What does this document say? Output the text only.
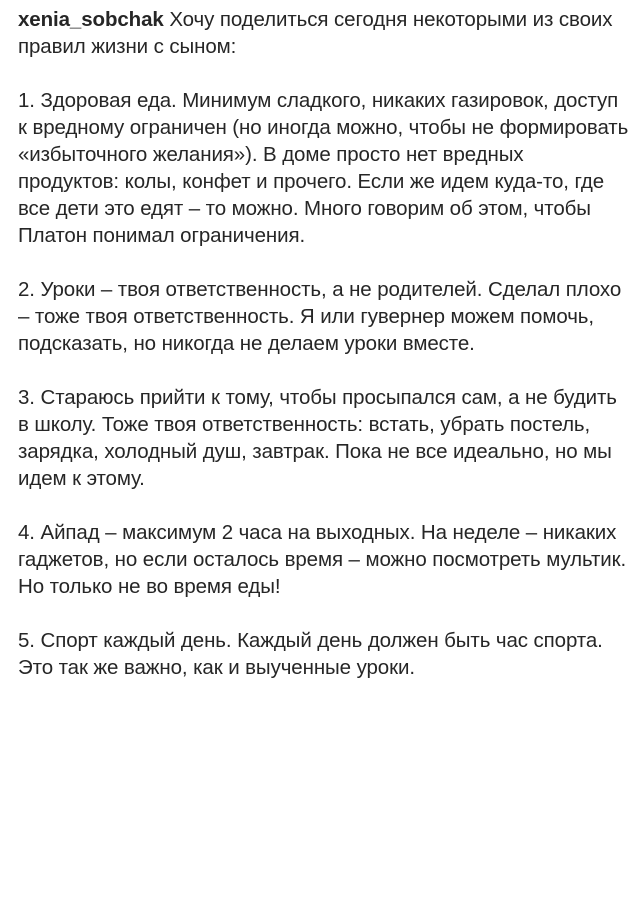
xenia_sobchak Хочу поделиться сегодня некоторыми из своих правил жизни с сыном:

1. Здоровая еда. Минимум сладкого, никаких газировок, доступ к вредному ограничен (но иногда можно, чтобы не формировать «избыточного желания»). В доме просто нет вредных продуктов: колы, конфет и прочего. Если же идем куда-то, где все дети это едят – то можно. Много говорим об этом, чтобы Платон понимал ограничения.

2. Уроки – твоя ответственность, а не родителей. Сделал плохо – тоже твоя ответственность. Я или гувернер можем помочь, подсказать, но никогда не делаем уроки вместе.

3. Стараюсь прийти к тому, чтобы просыпался сам, а не будить в школу. Тоже твоя ответственность: встать, убрать постель, зарядка, холодный душ, завтрак. Пока не все идеально, но мы идем к этому.

4. Айпад – максимум 2 часа на выходных. На неделе – никаких гаджетов, но если осталось время – можно посмотреть мультик. Но только не во время еды!

5. Спорт каждый день. Каждый день должен быть час спорта. Это так же важно, как и выученные уроки.
